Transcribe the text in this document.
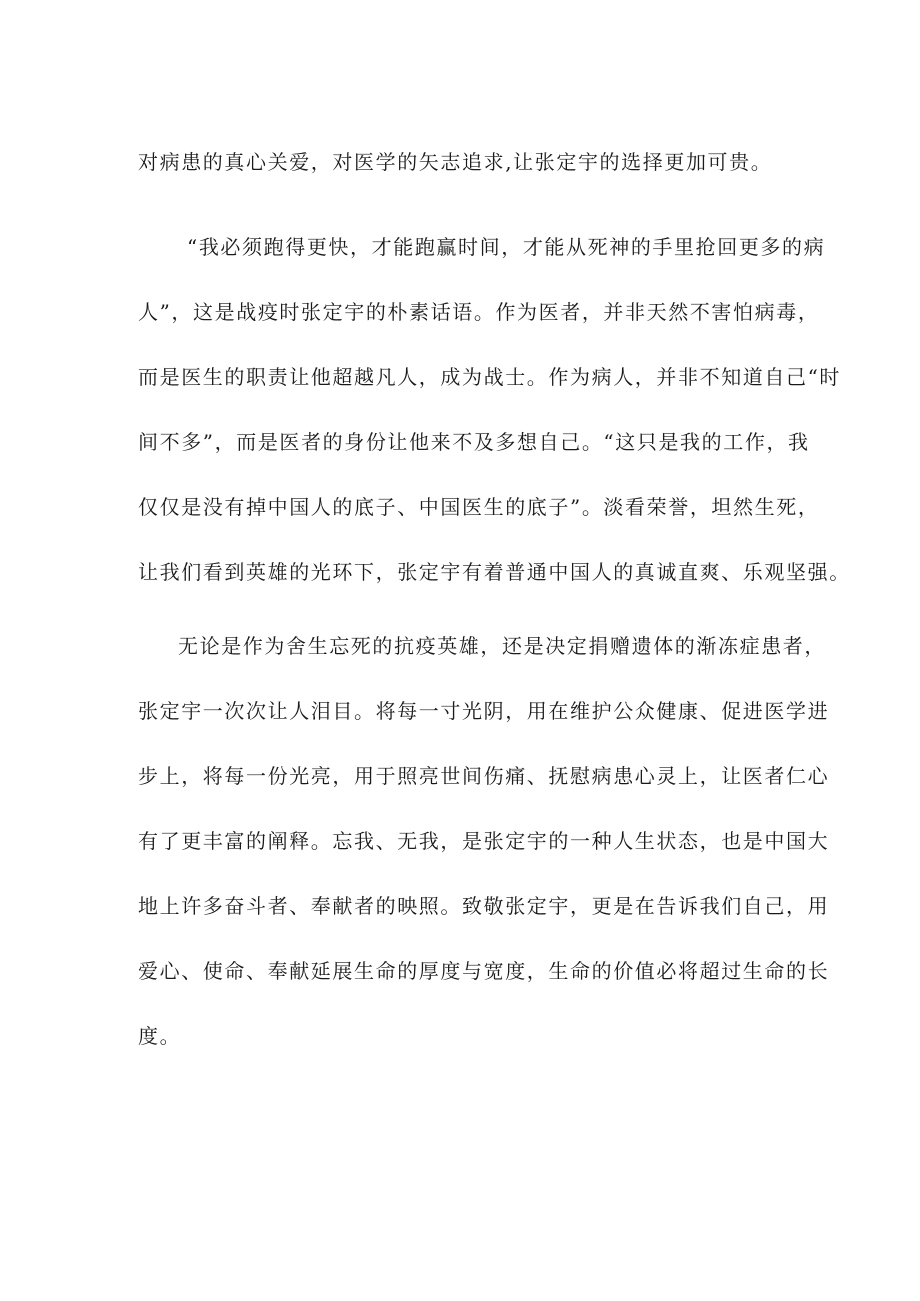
对病患的真心关爱，对医学的矢志追求,让张定宇的选择更加可贵。
“我必须跑得更快，才能跑赢时间，才能从死神的手里抢回更多的病
人”，这是战疫时张定宇的朴素话语。作为医者，并非天然不害怕病毒，
而是医生的职责让他超越凡人，成为战士。作为病人，并非不知道自己“时
间不多”，而是医者的身份让他来不及多想自己。“这只是我的工作，我
仅仅是没有掉中国人的底子、中国医生的底子”。淡看荣誉，坦然生死，
让我们看到英雄的光环下，张定宇有着普通中国人的真诚直爽、乐观坚强。
无论是作为舍生忘死的抗疫英雄，还是决定捐赠遗体的渐冻症患者，
张定宇一次次让人泪目。将每一寸光阴，用在维护公众健康、促进医学进
步上，将每一份光亮，用于照亮世间伤痛、抚慰病患心灵上，让医者仁心
有了更丰富的阐释。忘我、无我，是张定宇的一种人生状态，也是中国大
地上许多奋斗者、奉献者的映照。致敬张定宇，更是在告诉我们自己，用
爱心、使命、奉献延展生命的厚度与宽度，生命的价值必将超过生命的长
度。
